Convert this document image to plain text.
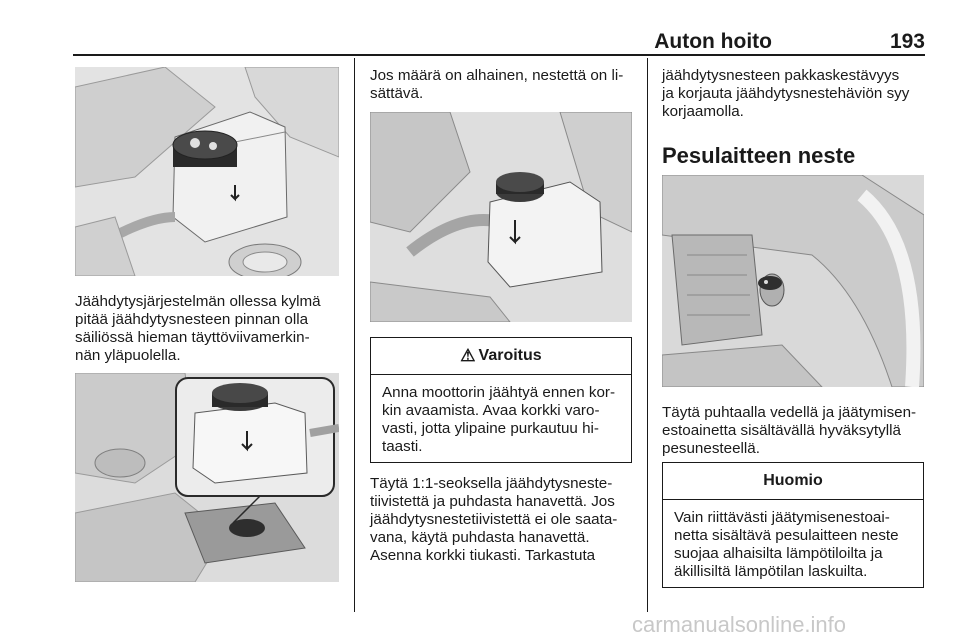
Auton hoito	193

Jäähdytysjärjestelmän ollessa kylmä
pitää jäähdytysnesteen pinnan olla
säiliössä hieman täyttöviivamerkin-
nän yläpuolella.

Jos määrä on alhainen, nestettä on li-
sättävä.

⚠ Varoitus
Anna moottorin jäähtyä ennen kor-
kin avaamista. Avaa korkki varo-
vasti, jotta ylipaine purkautuu hi-
taasti.

Täytä 1:1-seoksella jäähdytysneste-
tiivistettä ja puhdasta hanavettä. Jos
jäähdytysnestetiivistettä ei ole saata-
vana, käytä puhdasta hanavettä.
Asenna korkki tiukasti. Tarkastuta

jäähdytysnesteen pakkaskestävyys
ja korjauta jäähdytysnestehäviön syy
korjaamolla.

Pesulaitteen neste

Täytä puhtaalla vedellä ja jäätymisen-
estoainetta sisältävällä hyväksytyllä
pesunesteellä.

Huomio
Vain riittävästi jäätymisenestoai-
netta sisältävä pesulaitteen neste
suojaa alhaisilta lämpötiloilta ja
äkillisiltä lämpötilan laskuilta.
carmanualsonline.info
